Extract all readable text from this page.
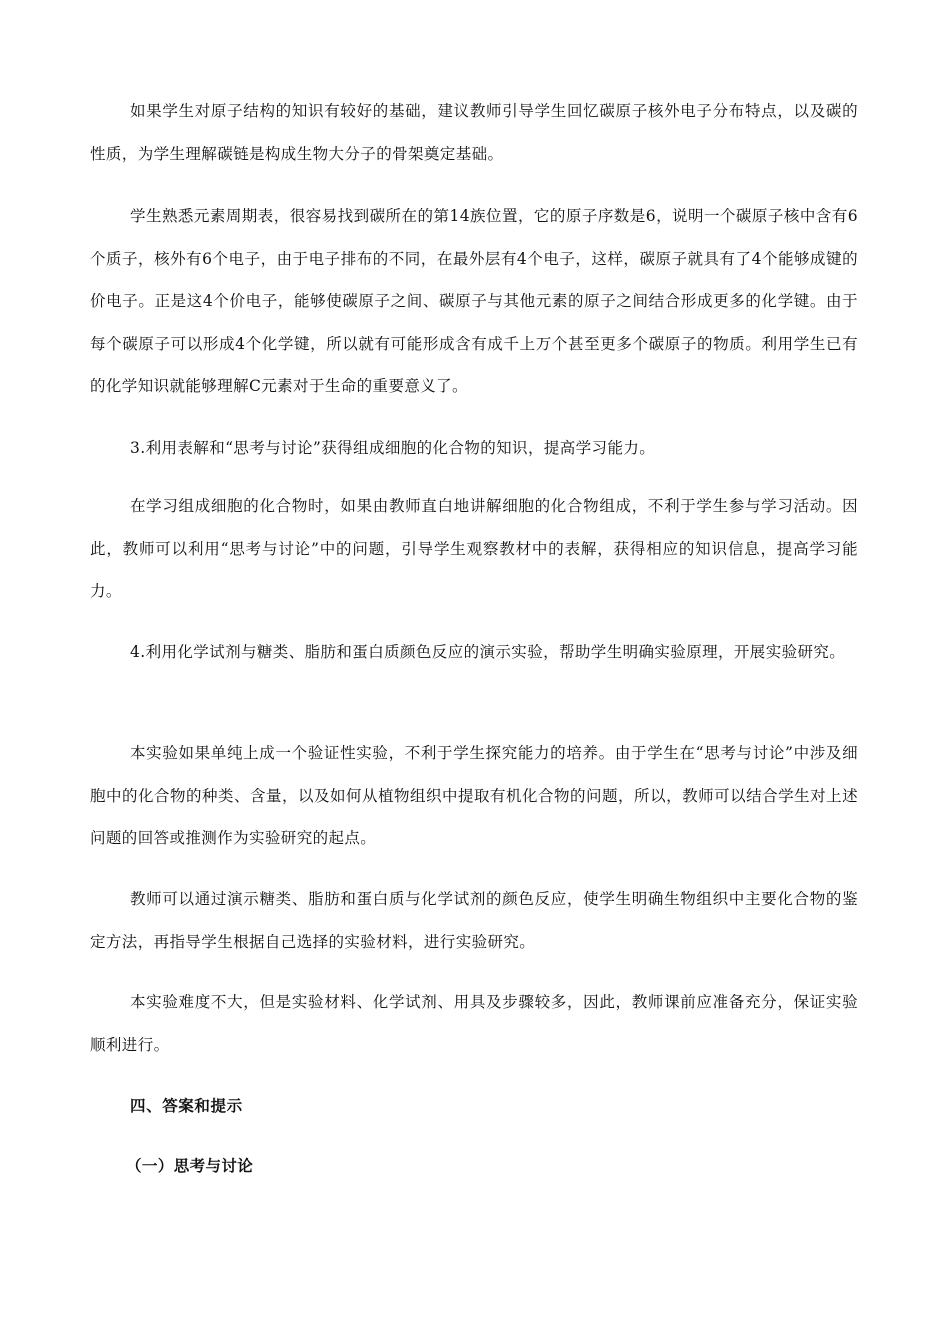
如果学生对原子结构的知识有较好的基础，建议教师引导学生回忆碳原子核外电子分布特点，以及碳的性质，为学生理解碳链是构成生物大分子的骨架奠定基础。

学生熟悉元素周期表，很容易找到碳所在的第14族位置，它的原子序数是6，说明一个碳原子核中含有6个质子，核外有6个电子，由于电子排布的不同，在最外层有4个电子，这样，碳原子就具有了4个能够成键的价电子。正是这4个价电子，能够使碳原子之间、碳原子与其他元素的原子之间结合形成更多的化学键。由于每个碳原子可以形成4个化学键，所以就有可能形成含有成千上万个甚至更多个碳原子的物质。利用学生已有的化学知识就能够理解C元素对于生命的重要意义了。

3.利用表解和“思考与讨论”获得组成细胞的化合物的知识，提高学习能力。

在学习组成细胞的化合物时，如果由教师直白地讲解细胞的化合物组成，不利于学生参与学习活动。因此，教师可以利用“思考与讨论”中的问题，引导学生观察教材中的表解，获得相应的知识信息，提高学习能力。

4.利用化学试剂与糖类、脂肪和蛋白质颜色反应的演示实验，帮助学生明确实验原理，开展实验研究。

本实验如果单纯上成一个验证性实验，不利于学生探究能力的培养。由于学生在“思考与讨论”中涉及细胞中的化合物的种类、含量，以及如何从植物组织中提取有机化合物的问题，所以，教师可以结合学生对上述问题的回答或推测作为实验研究的起点。

教师可以通过演示糖类、脂肪和蛋白质与化学试剂的颜色反应，使学生明确生物组织中主要化合物的鉴定方法，再指导学生根据自己选择的实验材料，进行实验研究。

本实验难度不大，但是实验材料、化学试剂、用具及步骤较多，因此，教师课前应准备充分，保证实验顺利进行。

四、答案和提示
（一）思考与讨论
